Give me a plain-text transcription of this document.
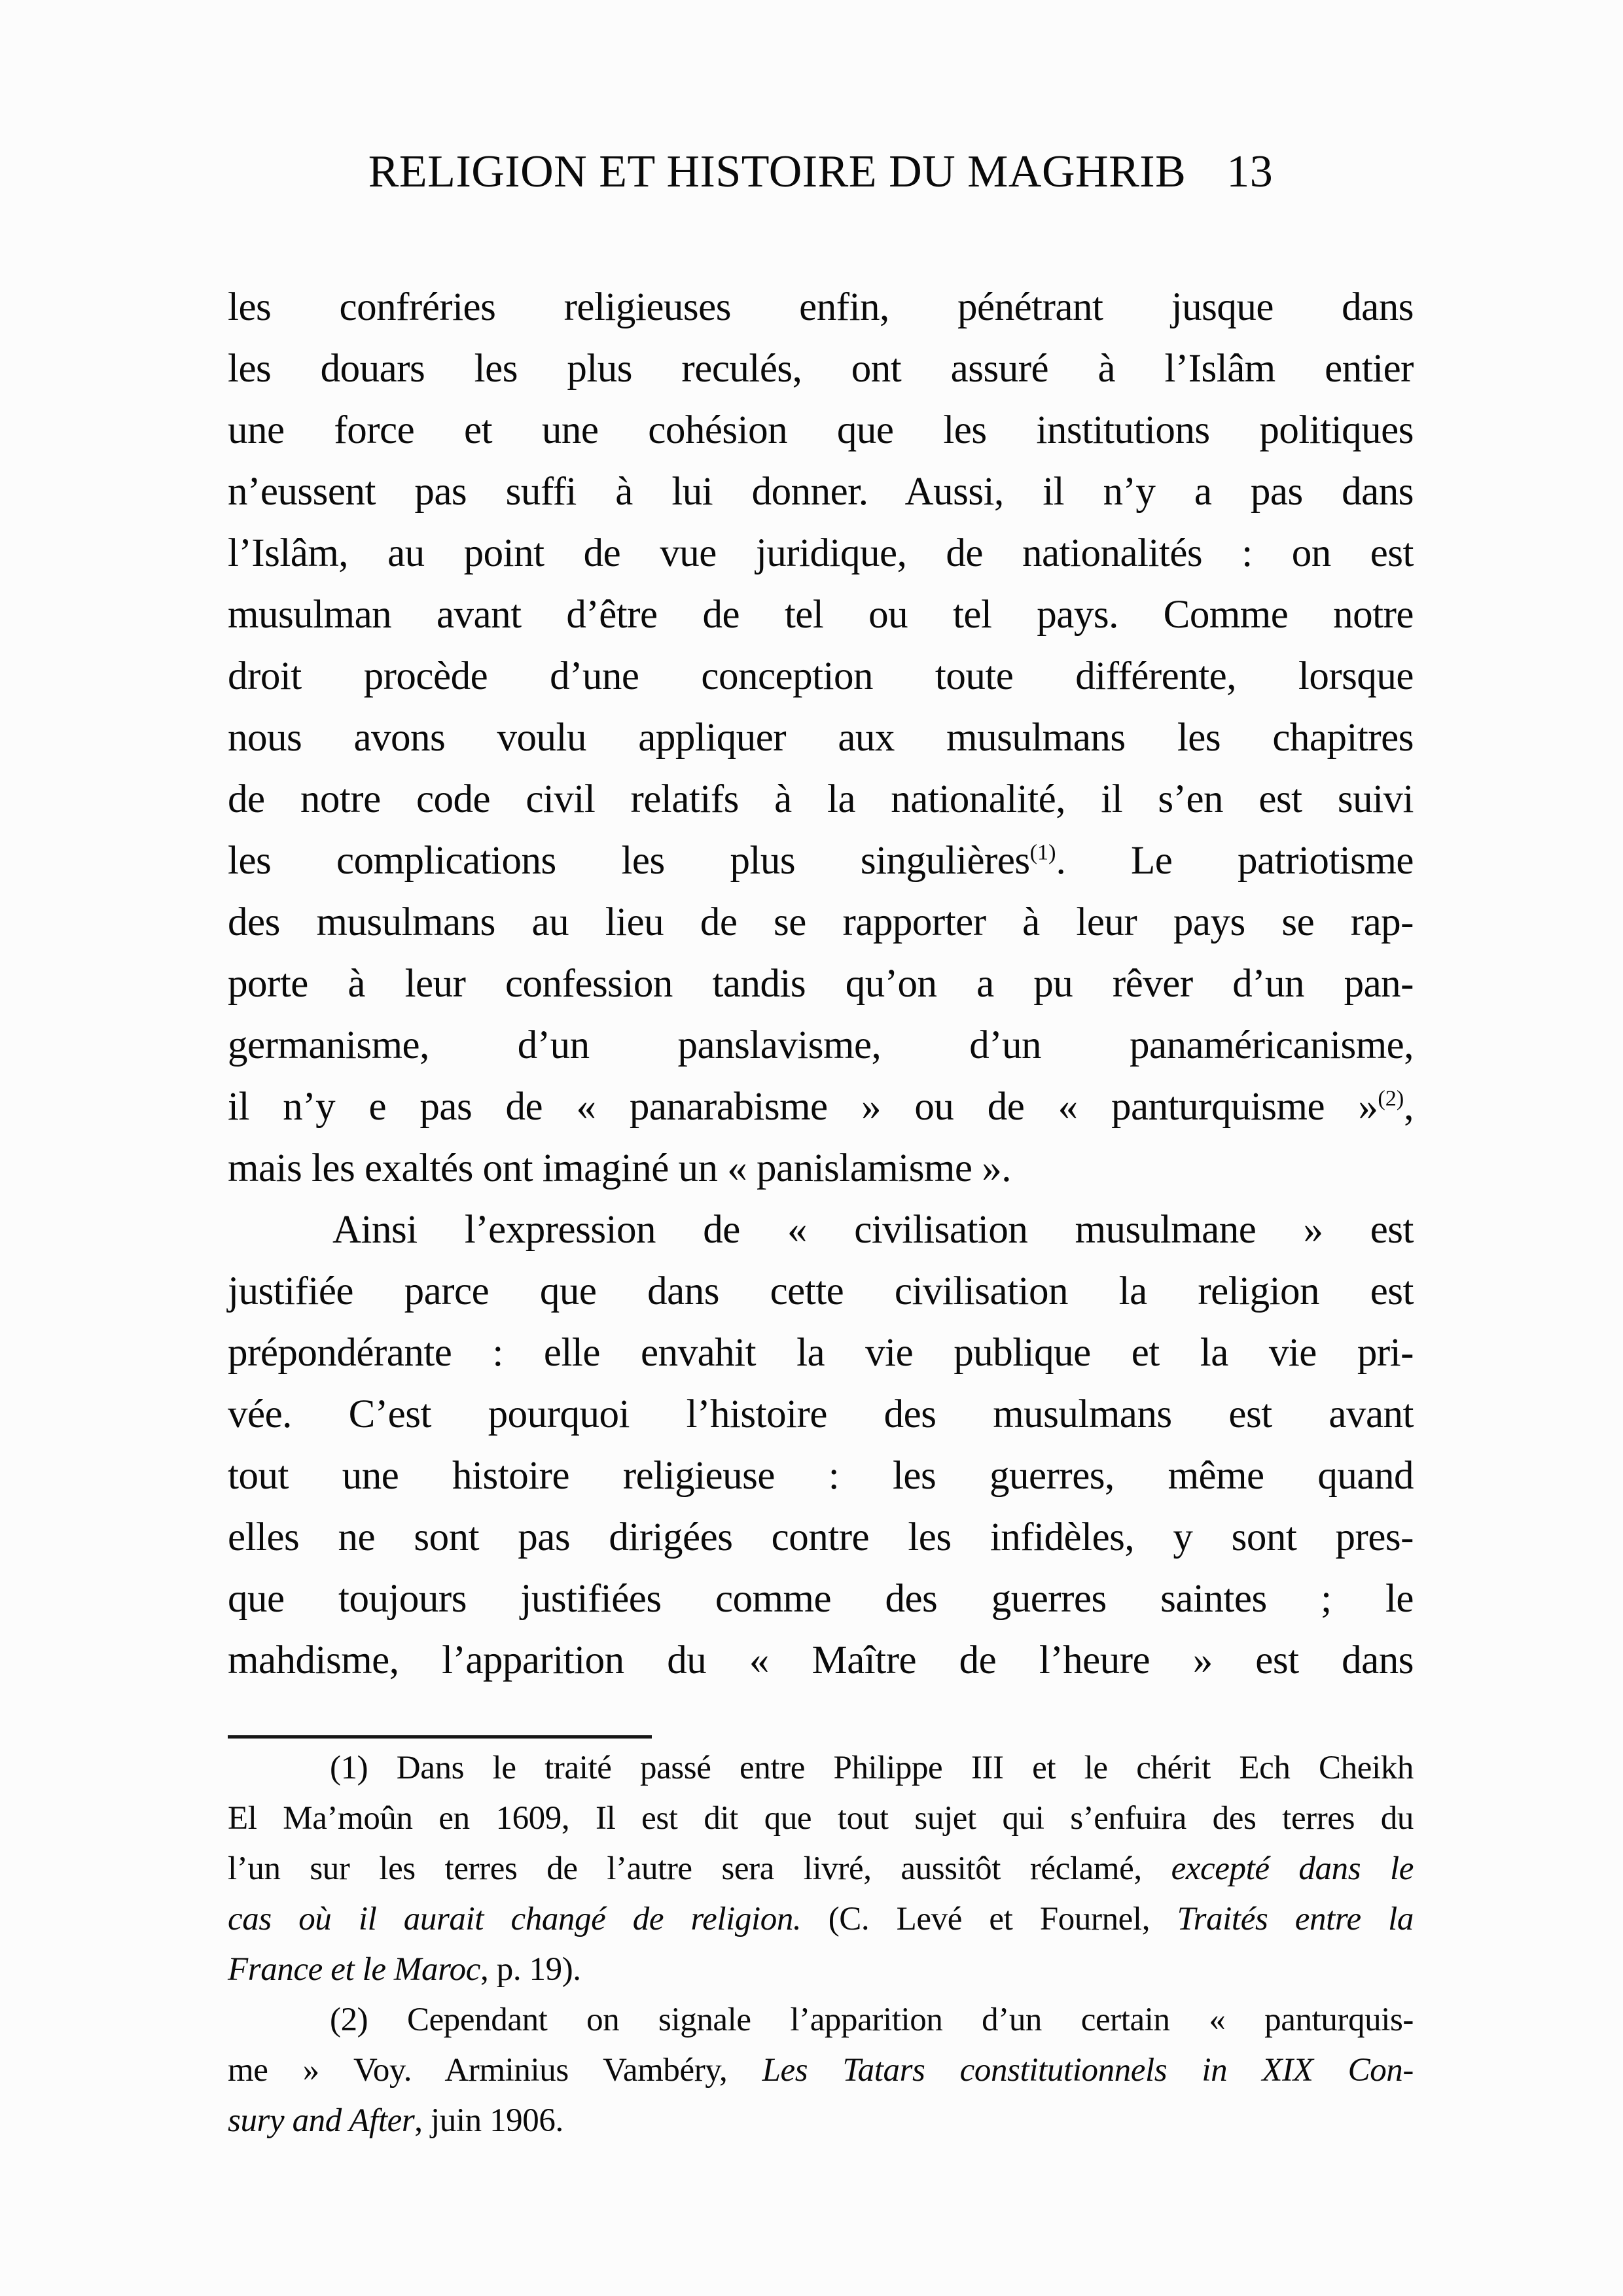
RELIGION ET HISTOIRE DU MAGHRIB 13
les confréries religieuses enfin, pénétrant jusque dans
les douars les plus reculés, ont assuré à l’Islâm entier
une force et une cohésion que les institutions politiques
n’eussent pas suffi à lui donner. Aussi, il n’y a pas dans
l’Islâm, au point de vue juridique, de nationalités : on est
musulman avant d’être de tel ou tel pays. Comme notre
droit procède d’une conception toute différente, lorsque
nous avons voulu appliquer aux musulmans les chapitres
de notre code civil relatifs à la nationalité, il s’en est suivi
les complications les plus singulières$^{(1)}$. Le patriotisme
des musulmans au lieu de se rapporter à leur pays se rap-
porte à leur confession tandis qu’on a pu rêver d’un pan-
germanisme, d’un panslavisme, d’un panaméricanisme,
il n’y e pas de « panarabisme » ou de « panturquisme »$^{(2)}$,
mais les exaltés ont imaginé un « panislamisme ».
Ainsi l’expression de « civilisation musulmane » est
justifiée parce que dans cette civilisation la religion est
prépondérante : elle envahit la vie publique et la vie pri-
vée. C’est pourquoi l’histoire des musulmans est avant
tout une histoire religieuse : les guerres, même quand
elles ne sont pas dirigées contre les infidèles, y sont pres-
que toujours justifiées comme des guerres saintes ; le
mahdisme, l’apparition du « Maître de l’heure » est dans
(1) Dans le traité passé entre Philippe III et le chérit Ech Cheikh
El Ma’moûn en 1609, Il est dit que tout sujet qui s’enfuira des terres du
l’un sur les terres de l’autre sera livré, aussitôt réclamé, excepté dans le
cas où il aurait changé de religion. (C. Levé et Fournel, Traités entre la
France et le Maroc, p. 19).
(2) Cependant on signale l’apparition d’un certain « panturquis-
me » Voy. Arminius Vambéry, Les Tatars constitutionnels in XIX Con-
sury and After, juin 1906.
